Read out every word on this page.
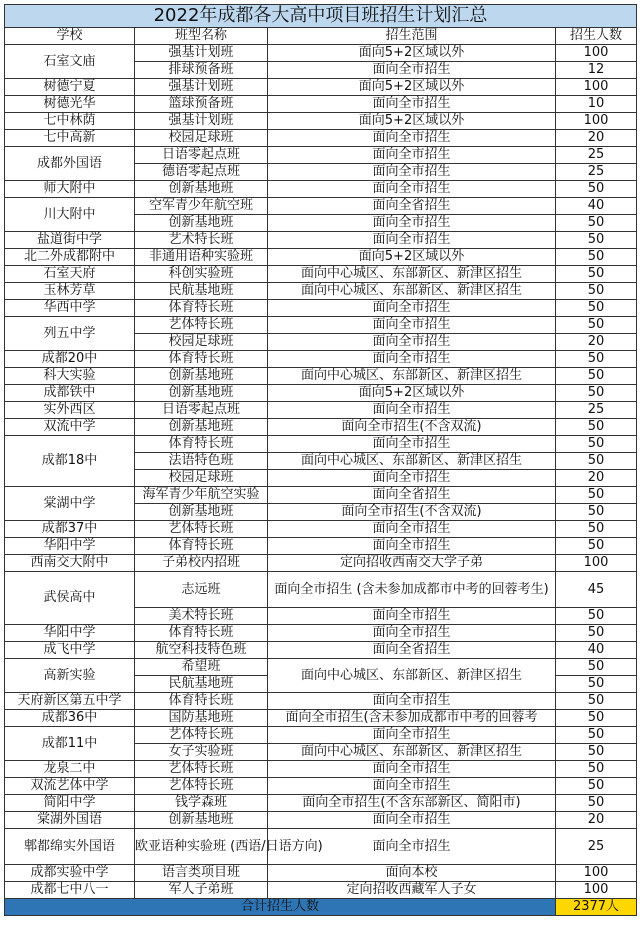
2022年成都各大高中项目班招生计划汇总			
学校	班型名称	招生范围	招生人数
石室文庙	强基计划班	面向5+2区域以外	100
	排球预备班	面向全市招生	12
树德宁夏	强基计划班	面向5+2区域以外	100
树德光华	篮球预备班	面向全市招生	10
七中林荫	强基计划班	面向5+2区域以外	100
七中高新	校园足球班	面向全市招生	20
成都外国语	日语零起点班	面向全市招生	25
	德语零起点班	面向全市招生	25
师大附中	创新基地班	面向全市招生	50
川大附中	空军青少年航空班	面向全省招生	40
	创新基地班	面向全市招生	50
盐道街中学	艺术特长班	面向全市招生	50
北二外成都附中	非通用语种实验班	面向5+2区域以外	50
石室天府	科创实验班	面向中心城区、东部新区、新津区招生	50
玉林芳草	民航基地班	面向中心城区、东部新区、新津区招生	50
华西中学	体育特长班	面向全市招生	50
列五中学	艺体特长班	面向全市招生	50
	校园足球班	面向全市招生	20
成都20中	体育特长班	面向全市招生	50
科大实验	创新基地班	面向中心城区、东部新区、新津区招生	50
成都铁中	创新基地班	面向5+2区域以外	50
实外西区	日语零起点班	面向全市招生	25
双流中学	创新基地班	面向全市招生(不含双流)	50
成都18中	体育特长班	面向全市招生	50
	法语特色班	面向中心城区、东部新区、新津区招生	50
	校园足球班	面向全市招生	20
棠湖中学	海军青少年航空实验	面向全省招生	50
	创新基地班	面向全市招生(不含双流)	50
成都37中	艺体特长班	面向全市招生	50
华阳中学	体育特长班	面向全市招生	50
西南交大附中	子弟校内招班	定向招收西南交大学子弟	100
武侯高中	志远班	面向全市招生 (含未参加成都市中考的回蓉考生)	45
	美术特长班	面向全市招生	50
华阳中学	体育特长班	面向全市招生	50
成飞中学	航空科技特色班	面向全省招生	40
高新实验	希望班	面向中心城区、东部新区、新津区招生	50
	民航基地班		50
天府新区第五中学	体育特长班	面向全市招生	50
成都36中	国防基地班	面向全市招生(含未参加成都市中考的回蓉考	50
成都11中	艺体特长班	面向全市招生	50
	女子实验班	面向中心城区、东部新区、新津区招生	50
龙泉二中	艺体特长班	面向全市招生	50
双流艺体中学	艺体特长班	面向全市招生	50
简阳中学	钱学森班	面向全市招生(不含东部新区、简阳市)	50
棠湖外国语	创新基地班	面向全市招生	20
郫都绵实外国语	欧亚语种实验班 (西语/日语方向)	面向全市招生	25
成都实验中学	语言类项目班	面向本校	100
成都七中八一	军人子弟班	定向招收西藏军人子女	100
合计招生人数			2377人
